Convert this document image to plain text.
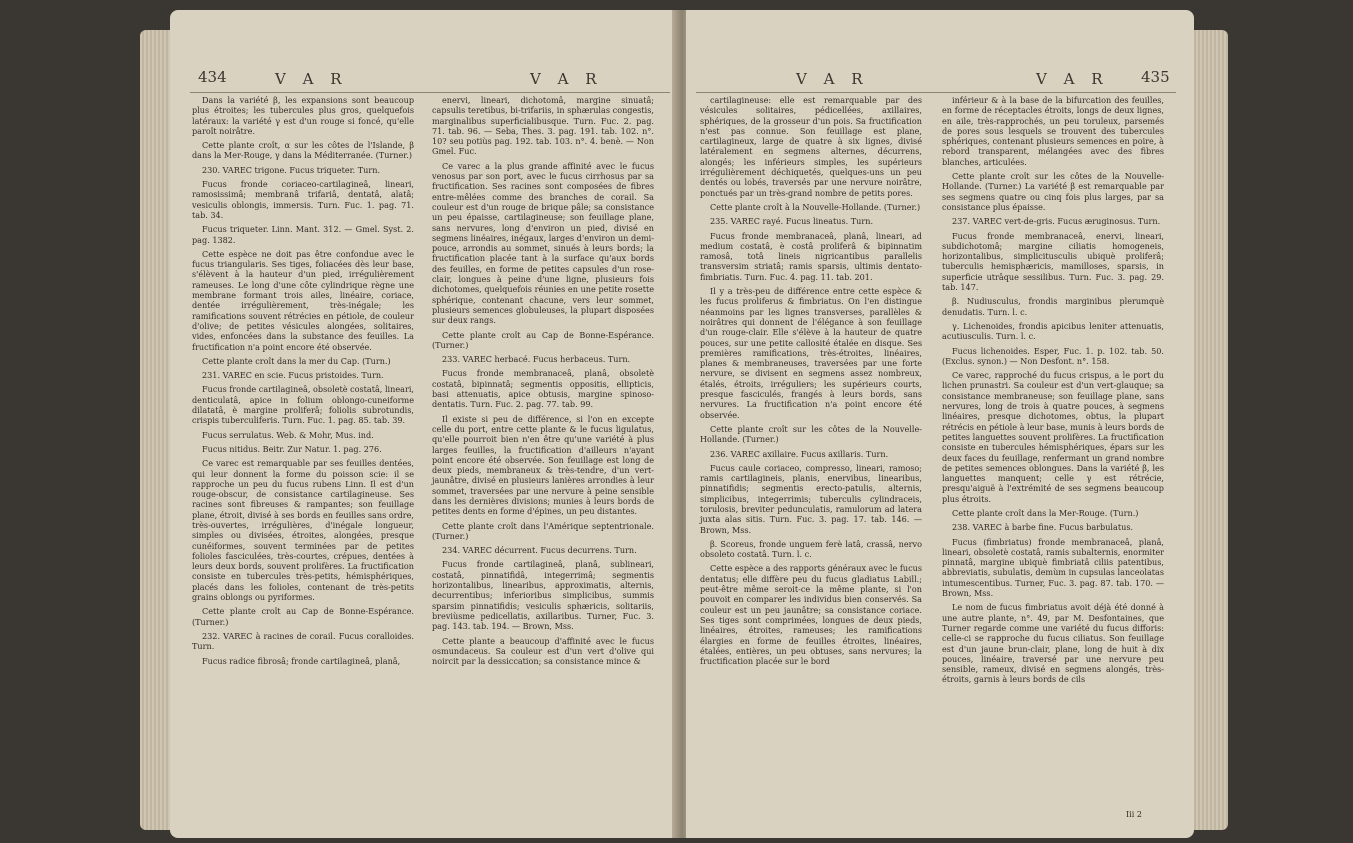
434	V A R	V A R

Dans la variété β, les expansions sont beaucoup plus étroites; les tubercules plus gros, quelquefois latéraux: la variété γ est d'un rouge si foncé, qu'elle paroît noirâtre.

Cette plante croît, α sur les côtes de l'Islande, β dans la Mer-Rouge, γ dans la Méditerranée. (Turner.)

230. VAREC trigone. Fucus triqueter. Turn.

Fucus fronde coriaceo-cartilagineâ, lineari, ramosissimâ; membranâ trifariâ, dentatâ, alatâ; vesiculis oblongis, immersis. Turn. Fuc. 1. pag. 71. tab. 34.

Fucus triqueter. Linn. Mant. 312. — Gmel. Syst. 2. pag. 1382.

Cette espèce ne doit pas être confondue avec le fucus triangularis. Ses tiges, foliacées dès leur base, s'élèvent à la hauteur d'un pied, irrégulièrement rameuses. Le long d'une côte cylindrique règne une membrane formant trois ailes, linéaire, coriace, dentée irrégulièrement, très-inégale; les ramifications souvent rétrécies en pétiole, de couleur d'olive; de petites vésicules alongées, solitaires, vides, enfoncées dans la substance des feuilles. La fructification n'a point encore été observée.

Cette plante croît dans la mer du Cap. (Turn.)

231. VAREC en scie. Fucus pristoides. Turn.

Fucus fronde cartilagineâ, obsoletè costatâ, lineari, denticulatâ, apice in folium oblongo-cuneiforme dilatatâ, è margine proliferâ; foliolis subrotundis, crispis tuberculiferis. Turn. Fuc. 1. pag. 85. tab. 39.

Fucus serrulatus. Web. & Mohr, Mus. ind.

Fucus nitidus. Beitr. Zur Natur. 1. pag. 276.

Ce varec est remarquable par ses feuilles dentées, qui leur donnent la forme du poisson scie: il se rapproche un peu du fucus rubens Linn. Il est d'un rouge-obscur, de consistance cartilagineuse. Ses racines sont fibreuses & rampantes; son feuillage plane, étroit, divisé à ses bords en feuilles sans ordre, très-ouvertes, irrégulières, d'inégale longueur, simples ou divisées, étroites, alongées, presque cunéiformes, souvent terminées par de petites folioles fasciculées, très-courtes, crépues, dentées à leurs deux bords, souvent prolifères. La fructification consiste en tubercules très-petits, hémisphériques, placés dans les folioles, contenant de très-petits grains oblongs ou pyriformes.

Cette plante croît au Cap de Bonne-Espérance. (Turner.)

232. VAREC à racines de corail. Fucus coralloides. Turn.

Fucus radice fibrosâ; fronde cartilagineâ, planâ,

enervi, lineari, dichotomâ, margine sinuatâ; capsulis teretibus, bi-trifariis, in sphærulas congestis, marginalibus superficialibusque. Turn. Fuc. 2. pag. 71. tab. 96. — Seba, Thes. 3. pag. 191. tab. 102. n°. 10? seu potiùs pag. 192. tab. 103. n°. 4. benè. — Non Gmel. Fuc.

Ce varec a la plus grande affinité avec le fucus venosus par son port, avec le fucus cirrhosus par sa fructification. Ses racines sont composées de fibres entre-mêlées comme des branches de corail. Sa couleur est d'un rouge de brique pâle; sa consistance un peu épaisse, cartilagineuse; son feuillage plane, sans nervures, long d'environ un pied, divisé en segmens linéaires, inégaux, larges d'environ un demi-pouce, arrondis au sommet, sinués à leurs bords; la fructification placée tant à la surface qu'aux bords des feuilles, en forme de petites capsules d'un rose-clair, longues à peine d'une ligne, plusieurs fois dichotomes, quelquefois réunies en une petite rosette sphérique, contenant chacune, vers leur sommet, plusieurs semences globuleuses, la plupart disposées sur deux rangs.

Cette plante croît au Cap de Bonne-Espérance. (Turner.)

233. VAREC herbacé. Fucus herbaceus. Turn.

Fucus fronde membranaceâ, planâ, obsoletè costatâ, bipinnatâ; segmentis oppositis, ellipticis, basi attenuatis, apice obtusis, margine spinoso-dentatis. Turn. Fuc. 2. pag. 77. tab. 99.

Il existe si peu de différence, si l'on en excepte celle du port, entre cette plante & le fucus ligulatus, qu'elle pourroit bien n'en être qu'une variété à plus larges feuilles, la fructification d'ailleurs n'ayant point encore été observée. Son feuillage est long de deux pieds, membraneux & très-tendre, d'un vert-jaunâtre, divisé en plusieurs lanières arrondies à leur sommet, traversées par une nervure à peine sensible dans les dernières divisions; munies à leurs bords de petites dents en forme d'épines, un peu distantes.

Cette plante croît dans l'Amérique septentrionale. (Turner.)

234. VAREC décurrent. Fucus decurrens. Turn.

Fucus fronde cartilagineâ, planâ, sublineari, costatâ, pinnatifidâ, integerrimâ; segmentis horizontalibus, linearibus, approximatis, alternis, decurrentibus; inferioribus simplicibus, summis sparsim pinnatifidis; vesiculis sphæricis, solitariis, breviùsme pedicellatis, axillaribus. Turner, Fuc. 3. pag. 143. tab. 194. — Brown, Mss.

Cette plante a beaucoup d'affinité avec le fucus osmundaceus. Sa couleur est d'un vert d'olive qui noircit par la dessiccation; sa consistance mince &

V A R	V A R 435

cartilagineuse: elle est remarquable par des vésicules solitaires, pédicellées, axillaires, sphériques, de la grosseur d'un pois. Sa fructification n'est pas connue. Son feuillage est plane, cartilagineux, large de quatre à six lignes, divisé latéralement en segmens alternes, décurrens, alongés; les inférieurs simples, les supérieurs irrégulièrement déchiquetés, quelques-uns un peu dentés ou lobés, traversés par une nervure noirâtre, ponctués par un très-grand nombre de petits pores.

Cette plante croît à la Nouvelle-Hollande. (Turner.)

235. VAREC rayé. Fucus lineatus. Turn.

Fucus fronde membranaceâ, planâ, lineari, ad medium costatâ, è costâ proliferâ & bipinnatim ramosâ, totâ lineis nigricantibus parallelis transversim striatâ; ramis sparsis, ultimis dentato-fimbriatis. Turn. Fuc. 4. pag. 11. tab. 201.

Il y a très-peu de différence entre cette espèce & les fucus proliferus & fimbriatus. On l'en distingue néanmoins par les lignes transverses, parallèles & noirâtres qui donnent de l'élégance à son feuillage d'un rouge-clair. Elle s'élève à la hauteur de quatre pouces, sur une petite callosité étalée en disque. Ses premières ramifications, très-étroites, linéaires, planes & membraneuses, traversées par une forte nervure, se divisent en segmens assez nombreux, étalés, étroits, irréguliers; les supérieurs courts, presque fasciculés, frangés à leurs bords, sans nervures. La fructification n'a point encore été observée.

Cette plante croît sur les côtes de la Nouvelle-Hollande. (Turner.)

236. VAREC axillaire. Fucus axillaris. Turn.

Fucus caule coriaceo, compresso, lineari, ramoso; ramis cartilagineis, planis, enervibus, linearibus, pinnatifidis; segmentis erecto-patulis, alternis, simplicibus, integerrimis; tuberculis cylindraceis, torulosis, breviter pedunculatis, ramulorum ad latera juxta alas sitis. Turn. Fuc. 3. pag. 17. tab. 146. — Brown, Mss.

β. Scoreus, fronde unguem ferè latâ, crassâ, nervo obsoleto costatâ. Turn. l. c.

Cette espèce a des rapports généraux avec le fucus dentatus; elle diffère peu du fucus gladiatus Labill.; peut-être même seroit-ce la même plante, si l'on pouvoit en comparer les individus bien conservés. Sa couleur est un peu jaunâtre; sa consistance coriace. Ses tiges sont comprimées, longues de deux pieds, linéaires, étroites, rameuses; les ramifications élargies en forme de feuilles étroites, linéaires, étalées, entières, un peu obtuses, sans nervures; la fructification placée sur le bord

inférieur & à la base de la bifurcation des feuilles, en forme de réceptacles étroits, longs de deux lignes, en aile, très-rapprochés, un peu toruleux, parsemés de pores sous lesquels se trouvent des tubercules sphériques, contenant plusieurs semences en poire, à rebord transparent, mélangées avec des fibres blanches, articulées.

Cette plante croît sur les côtes de la Nouvelle-Hollande. (Turner.) La variété β est remarquable par ses segmens quatre ou cinq fois plus larges, par sa consistance plus épaisse.

237. VAREC vert-de-gris. Fucus æruginosus. Turn.

Fucus fronde membranaceâ, enervi, lineari, subdichotomâ; margine ciliatis homogeneis, horizontalibus, simplicitusculis ubiquè proliferâ; tuberculis hemisphæricis, mamilloses, sparsis, in superficie utrâque sessilibus. Turn. Fuc. 3. pag. 29. tab. 147.

β. Nudiusculus, frondis marginibus plerumquè denudatis. Turn. l. c.

γ. Lichenoides, frondis apicibus leniter attenuatis, acutiusculis. Turn. l. c.

Fucus lichenoides. Esper, Fuc. 1. p. 102. tab. 50. (Exclus. synon.) — Non Desfont. n°. 158.

Ce varec, rapproché du fucus crispus, a le port du lichen prunastri. Sa couleur est d'un vert-glauque; sa consistance membraneuse; son feuillage plane, sans nervures, long de trois à quatre pouces, à segmens linéaires, presque dichotomes, obtus, la plupart rétrécis en pétiole à leur base, munis à leurs bords de petites languettes souvent prolifères. La fructification consiste en tubercules hémisphériques, épars sur les deux faces du feuillage, renfermant un grand nombre de petites semences oblongues. Dans la variété β, les languettes manquent; celle γ est rétrécie, presqu'aiguë à l'extrémité de ses segmens beaucoup plus étroits.

Cette plante croît dans la Mer-Rouge. (Turn.)

238. VAREC à barbe fine. Fucus barbulatus.

Fucus (fimbriatus) fronde membranaceâ, planâ, lineari, obsoletè costatâ, ramis subalternis, enormiter pinnatâ, margine ubiquè fimbriatâ ciliis patentibus, abbreviatis, subulatis, demùm in cupsulas lanceolatas intumescentibus. Turner, Fuc. 3. pag. 87. tab. 170. — Brown, Mss.

Le nom de fucus fimbriatus avoit déjà été donné à une autre plante, n°. 49, par M. Desfontaines, que Turner regarde comme une variété du fucus difforis: celle-ci se rapproche du fucus ciliatus. Son feuillage est d'un jaune brun-clair, plane, long de huit à dix pouces, linéaire, traversé par une nervure peu sensible, rameux, divisé en segmens alongés, très-étroits, garnis à leurs bords de cils

Iii 2
